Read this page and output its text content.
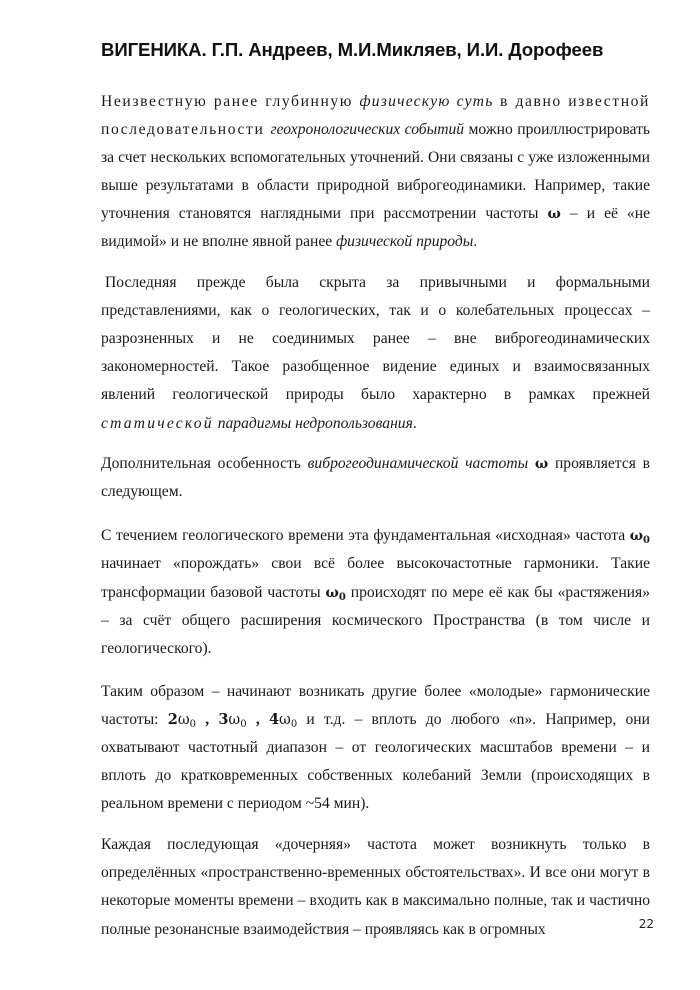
ВИГЕНИКА. Г.П. Андреев, М.И.Микляев, И.И. Дорофеев

Неизвестную ранее глубинную физическую суть в давно известной последовательности геохронологических событий можно проиллюстрировать за счет нескольких вспомогательных уточнений. Они связаны с уже изложенными выше результатами в области природной виброгеодинамики. Например, такие уточнения становятся наглядными при рассмотрении частоты ω – и её «не видимой» и не вполне явной ранее физической природы.

Последняя прежде была скрыта за привычными и формальными представлениями, как о геологических, так и о колебательных процессах – разрозненных и не соединимых ранее – вне виброгеодинамических закономерностей. Такое разобщенное видение единых и взаимосвязанных явлений геологической природы было характерно в рамках прежней статической парадигмы недропользования.

Дополнительная особенность виброгеодинамической частоты ω проявляется в следующем.

С течением геологического времени эта фундаментальная «исходная» частота $\omega_0$ начинает «порождать» свои всё более высокочастотные гармоники. Такие трансформации базовой частоты $\omega_0$ происходят по мере её как бы «растяжения» – за счёт общего расширения космического Пространства (в том числе и геологического).

Таким образом – начинают возникать другие более «молодые» гармонические частоты: $2\omega_0$ , $3\omega_0$ , $4\omega_0$ и т.д. – вплоть до любого «n». Например, они охватывают частотный диапазон – от геологических масштабов времени – и вплоть до кратковременных собственных колебаний Земли (происходящих в реальном времени с периодом ~54 мин).

Каждая последующая «дочерняя» частота может возникнуть только в определённых «пространственно-временных обстоятельствах». И все они могут в некоторые моменты времени – входить как в максимально полные, так и частично полные резонансные взаимодействия – проявляясь как в огромных	22
